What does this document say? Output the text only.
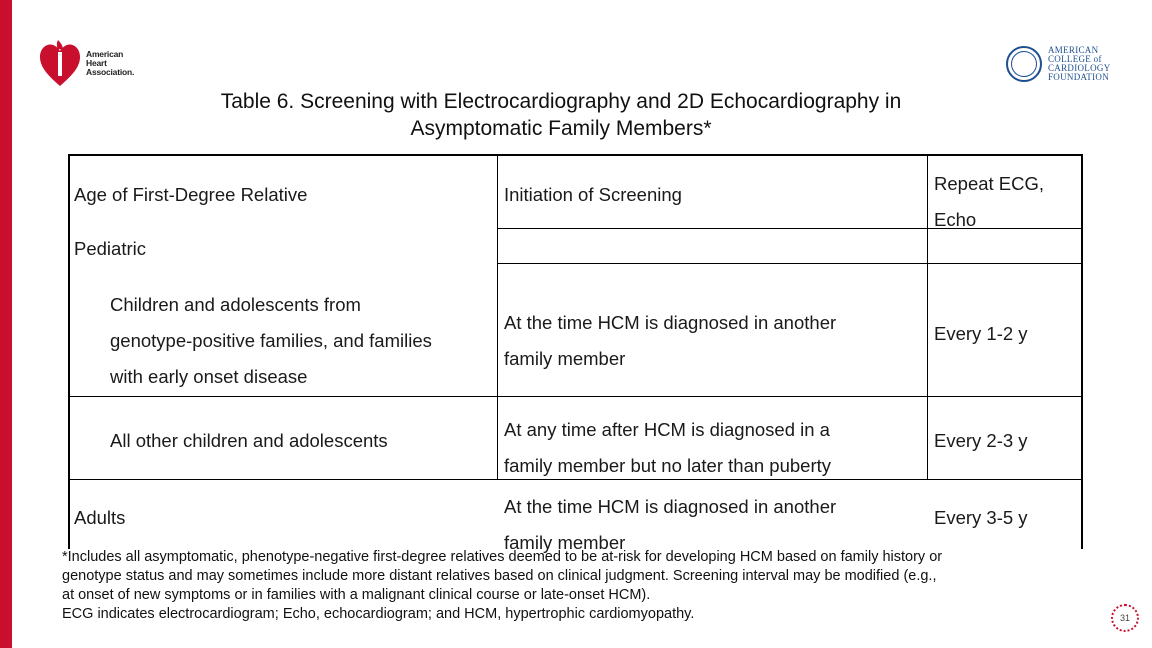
American
Heart
Association.
AMERICAN
COLLEGE of
CARDIOLOGY
FOUNDATION
Table 6. Screening with Electrocardiography and 2D Echocardiography in
Asymptomatic Family Members*
Age of First-Degree Relative	Initiation of Screening
Repeat ECG,
Echo
Pediatric
Children and adolescents from
genotype-positive families, and families
with early onset disease
At the time HCM is diagnosed in another
family member
Every 1-2 y
All other children and adolescents
At any time after HCM is diagnosed in a
family member but no later than puberty
Every 2-3 y
Adults
At the time HCM is diagnosed in another
family member
Every 3-5 y
*Includes all asymptomatic, phenotype-negative first-degree relatives deemed to be at-risk for developing HCM based on family history or
genotype status and may sometimes include more distant relatives based on clinical judgment. Screening interval may be modified (e.g.,
at onset of new symptoms or in families with a malignant clinical course or late-onset HCM).
ECG indicates electrocardiogram; Echo, echocardiogram; and HCM, hypertrophic cardiomyopathy.	31
